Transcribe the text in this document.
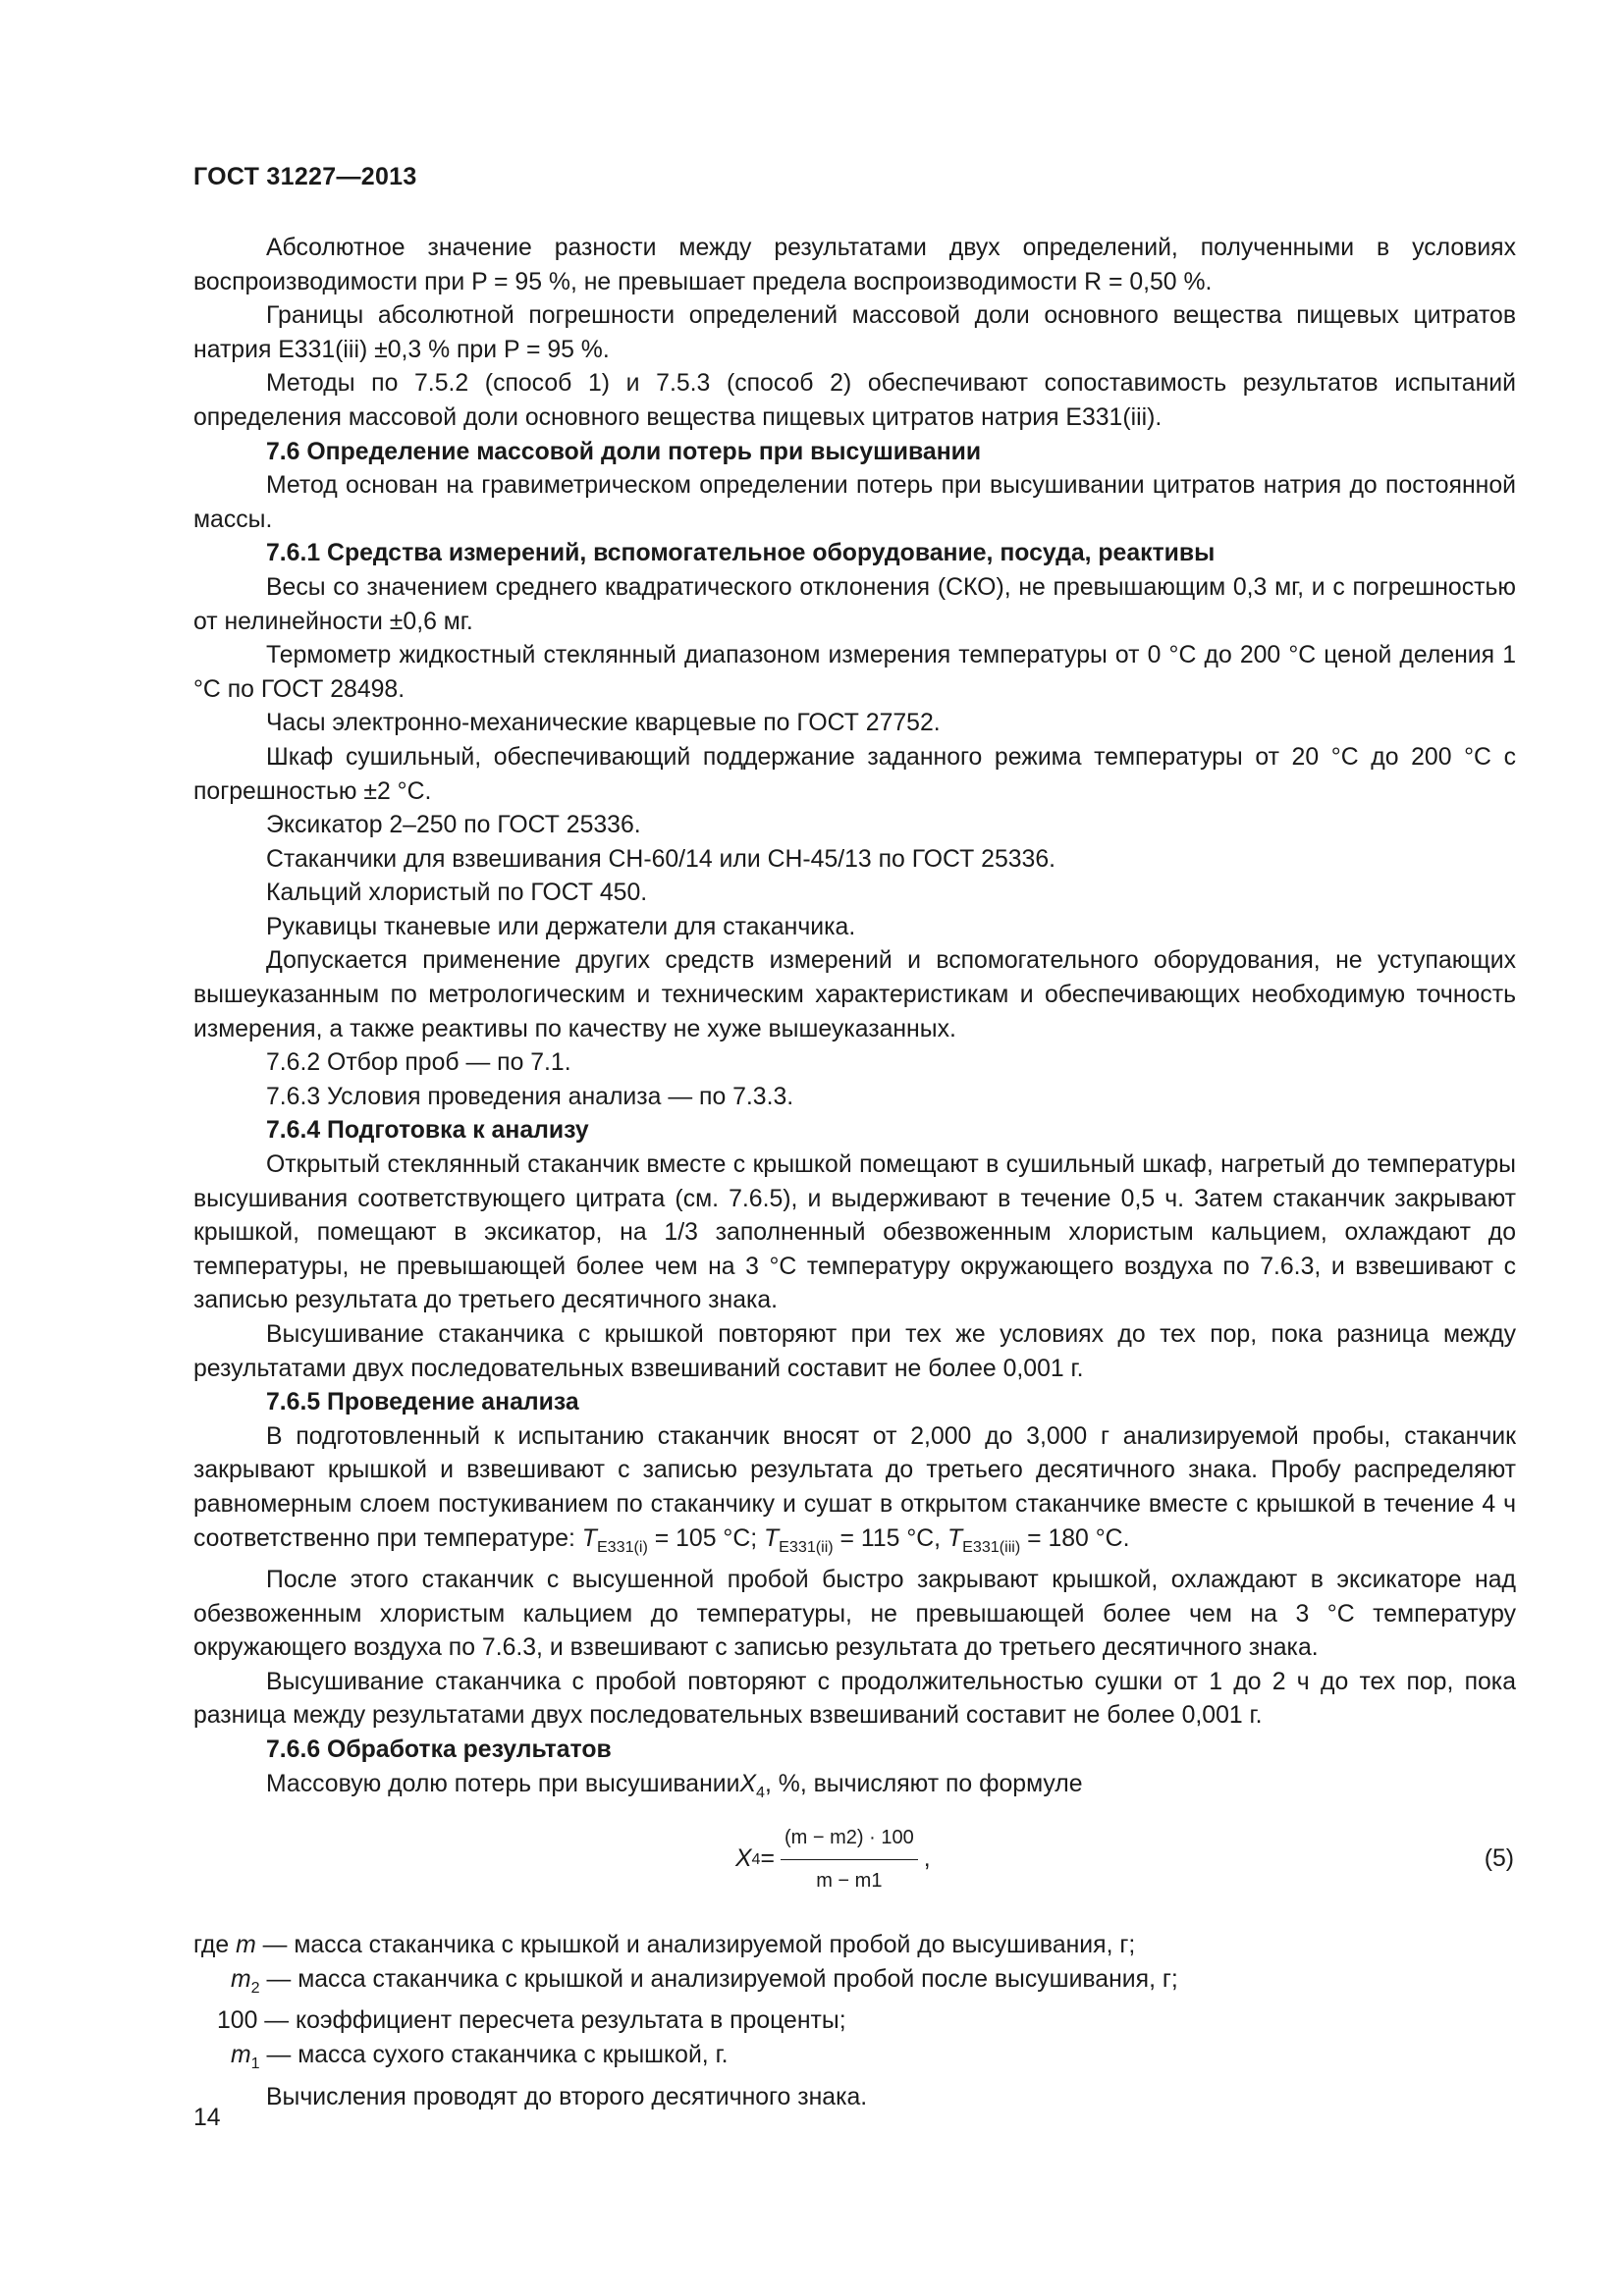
ГОСТ 31227—2013

Абсолютное значение разности между результатами двух определений, полученными в условиях воспроизводимости при P = 95 %, не превышает предела воспроизводимости R = 0,50 %.

Границы абсолютной погрешности определений массовой доли основного вещества пищевых цитратов натрия Е331(iii) ±0,3 % при P = 95 %.

Методы по 7.5.2 (способ 1) и 7.5.3 (способ 2) обеспечивают сопоставимость результатов испытаний определения массовой доли основного вещества пищевых цитратов натрия Е331(iii).

7.6 Определение массовой доли потерь при высушивании

Метод основан на гравиметрическом определении потерь при высушивании цитратов натрия до постоянной массы.

7.6.1 Средства измерений, вспомогательное оборудование, посуда, реактивы

Весы со значением среднего квадратического отклонения (СКО), не превышающим 0,3 мг, и с погрешностью от нелинейности ±0,6 мг.

Термометр жидкостный стеклянный диапазоном измерения температуры от 0 °С до 200 °С ценой деления 1 °С по ГОСТ 28498.

Часы электронно-механические кварцевые по ГОСТ 27752.

Шкаф сушильный, обеспечивающий поддержание заданного режима температуры от 20 °С до 200 °С с погрешностью ±2 °С.

Эксикатор 2–250 по ГОСТ 25336.

Стаканчики для взвешивания СН-60/14 или СН-45/13 по ГОСТ 25336.

Кальций хлористый по ГОСТ 450.

Рукавицы тканевые или держатели для стаканчика.

Допускается применение других средств измерений и вспомогательного оборудования, не уступающих вышеуказанным по метрологическим и техническим характеристикам и обеспечивающих необходимую точность измерения, а также реактивы по качеству не хуже вышеуказанных.

7.6.2 Отбор проб — по 7.1.

7.6.3 Условия проведения анализа — по 7.3.3.

7.6.4 Подготовка к анализу

Открытый стеклянный стаканчик вместе с крышкой помещают в сушильный шкаф, нагретый до температуры высушивания соответствующего цитрата (см. 7.6.5), и выдерживают в течение 0,5 ч. Затем стаканчик закрывают крышкой, помещают в эксикатор, на 1/3 заполненный обезвоженным хлористым кальцием, охлаждают до температуры, не превышающей более чем на 3 °С температуру окружающего воздуха по 7.6.3, и взвешивают с записью результата до третьего десятичного знака.

Высушивание стаканчика с крышкой повторяют при тех же условиях до тех пор, пока разница между результатами двух последовательных взвешиваний составит не более 0,001 г.

7.6.5 Проведение анализа

В подготовленный к испытанию стаканчик вносят от 2,000 до 3,000 г анализируемой пробы, стаканчик закрывают крышкой и взвешивают с записью результата до третьего десятичного знака. Пробу распределяют равномерным слоем постукиванием по стаканчику и сушат в открытом стаканчике вместе с крышкой в течение 4 ч соответственно при температуре: $T_{Е331(i)} = 105$ °С; $T_{Е331(ii)} = 115$ °С, $T_{Е331(iii)} = 180$ °С.

После этого стаканчик с высушенной пробой быстро закрывают крышкой, охлаждают в эксикаторе над обезвоженным хлористым кальцием до температуры, не превышающей более чем на 3 °С температуру окружающего воздуха по 7.6.3, и взвешивают с записью результата до третьего десятичного знака.

Высушивание стаканчика с пробой повторяют с продолжительностью сушки от 1 до 2 ч до тех пор, пока разница между результатами двух последовательных взвешиваний составит не более 0,001 г.

7.6.6 Обработка результатов

Массовую долю потерь при высушиванииX$_4$, %, вычисляют по формуле

X $4 = \frac{(m - m2) \cdot 100}{m - m1}$ ,	(5)

где m — масса стаканчика с крышкой и анализируемой пробой до высушивания, г;

$m_2$ — масса стаканчика с крышкой и анализируемой пробой после высушивания, г;

100 — коэффициент пересчета результата в проценты;

$m_1$ — масса сухого стаканчика с крышкой, г.

Вычисления проводят до второго десятичного знака.

14
